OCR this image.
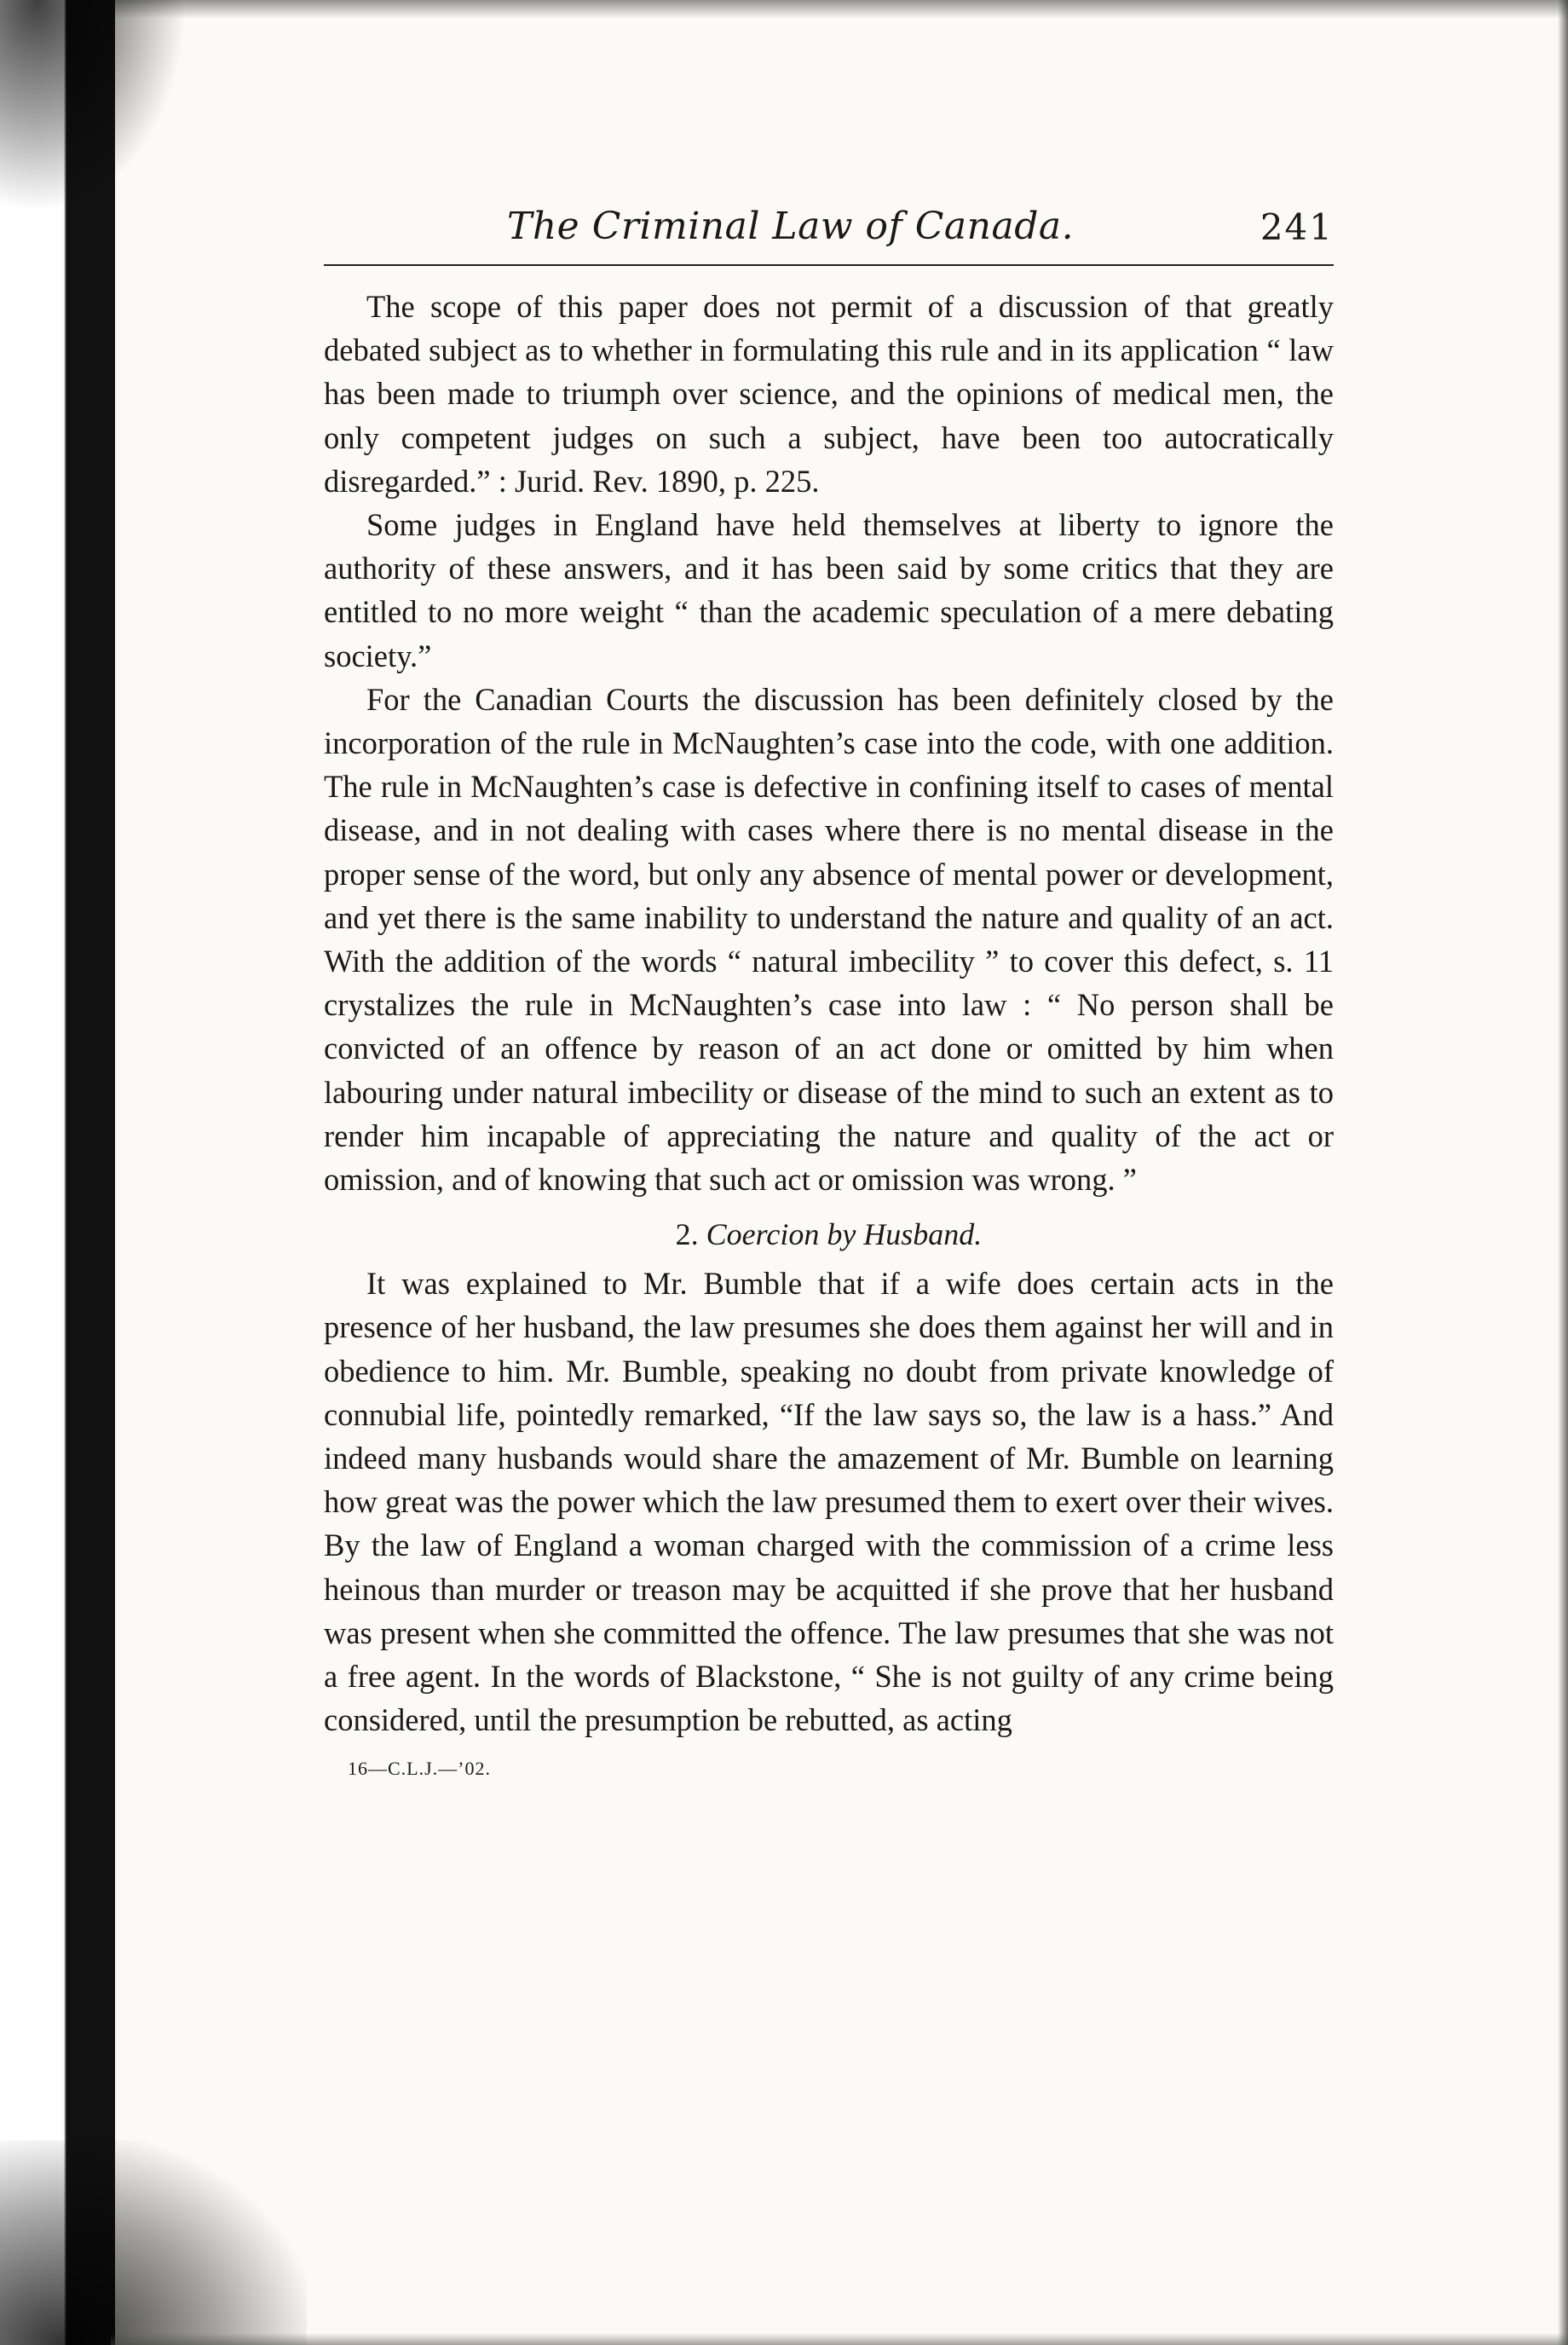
The Criminal Law of Canada.	241

The scope of this paper does not permit of a discussion of that greatly debated subject as to whether in formulating this rule and in its application “ law has been made to triumph over science, and the opinions of medical men, the only competent judges on such a subject, have been too autocratically disregarded.” : Jurid. Rev. 1890, p. 225.

Some judges in England have held themselves at liberty to ignore the authority of these answers, and it has been said by some critics that they are entitled to no more weight “ than the academic speculation of a mere debating society.”

For the Canadian Courts the discussion has been definitely closed by the incorporation of the rule in McNaughten’s case into the code, with one addition. The rule in McNaughten’s case is defective in confining itself to cases of mental disease, and in not dealing with cases where there is no mental disease in the proper sense of the word, but only any absence of mental power or development, and yet there is the same inability to understand the nature and quality of an act. With the addition of the words “ natural imbecility ” to cover this defect, s. 11 crystalizes the rule in McNaughten’s case into law : “ No person shall be convicted of an offence by reason of an act done or omitted by him when labouring under natural imbecility or disease of the mind to such an extent as to render him incapable of appreciating the nature and quality of the act or omission, and of knowing that such act or omission was wrong. ”

2. Coercion by Husband.

It was explained to Mr. Bumble that if a wife does certain acts in the presence of her husband, the law presumes she does them against her will and in obedience to him. Mr. Bumble, speaking no doubt from private knowledge of connubial life, pointedly remarked, “If the law says so, the law is a hass.” And indeed many husbands would share the amazement of Mr. Bumble on learning how great was the power which the law presumed them to exert over their wives. By the law of England a woman charged with the commission of a crime less heinous than murder or treason may be acquitted if she prove that her husband was present when she committed the offence. The law presumes that she was not a free agent. In the words of Blackstone, “ She is not guilty of any crime being considered, until the presumption be rebutted, as acting

16—C.L.J.—’02.
